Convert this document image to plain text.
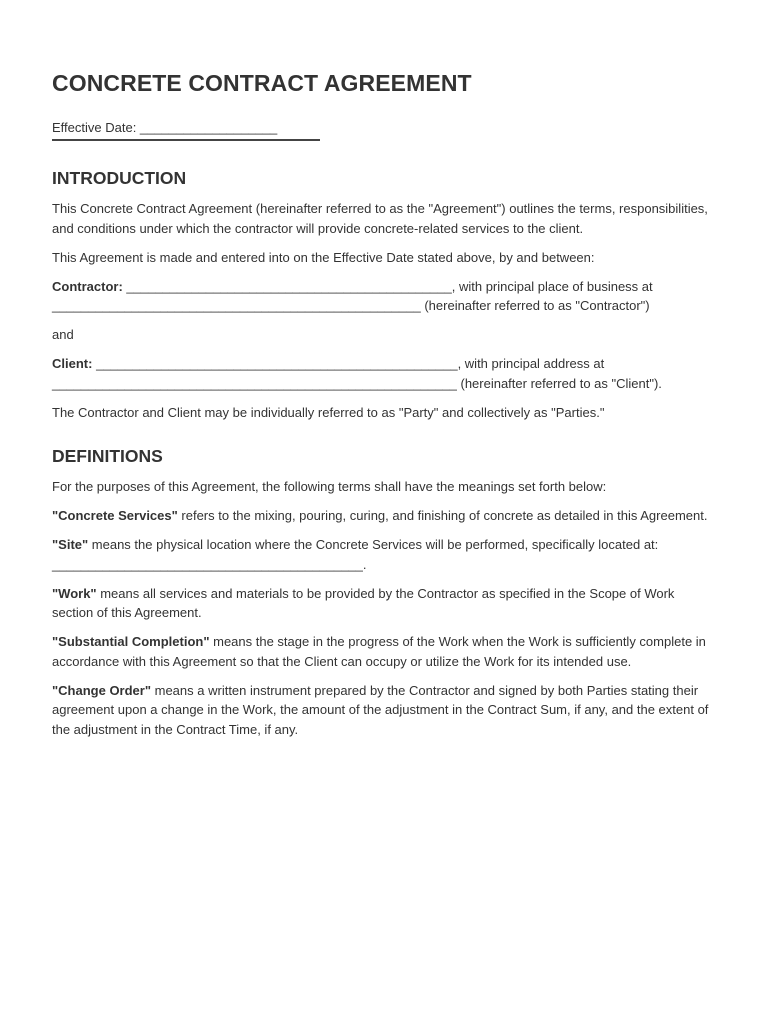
CONCRETE CONTRACT AGREEMENT
Effective Date: ___________________
INTRODUCTION

This Concrete Contract Agreement (hereinafter referred to as the "Agreement") outlines the terms, responsibilities, and conditions under which the contractor will provide concrete-related services to the client.

This Agreement is made and entered into on the Effective Date stated above, by and between:

Contractor: _____________________________________________, with principal place of business at ___________________________________________________ (hereinafter referred to as "Contractor")

and

Client: __________________________________________________, with principal address at ________________________________________________________ (hereinafter referred to as "Client").

The Contractor and Client may be individually referred to as "Party" and collectively as "Parties."

DEFINITIONS

For the purposes of this Agreement, the following terms shall have the meanings set forth below:

"Concrete Services" refers to the mixing, pouring, curing, and finishing of concrete as detailed in this Agreement.

"Site" means the physical location where the Concrete Services will be performed, specifically located at: ___________________________________________.

"Work" means all services and materials to be provided by the Contractor as specified in the Scope of Work section of this Agreement.

"Substantial Completion" means the stage in the progress of the Work when the Work is sufficiently complete in accordance with this Agreement so that the Client can occupy or utilize the Work for its intended use.

"Change Order" means a written instrument prepared by the Contractor and signed by both Parties stating their agreement upon a change in the Work, the amount of the adjustment in the Contract Sum, if any, and the extent of the adjustment in the Contract Time, if any.
